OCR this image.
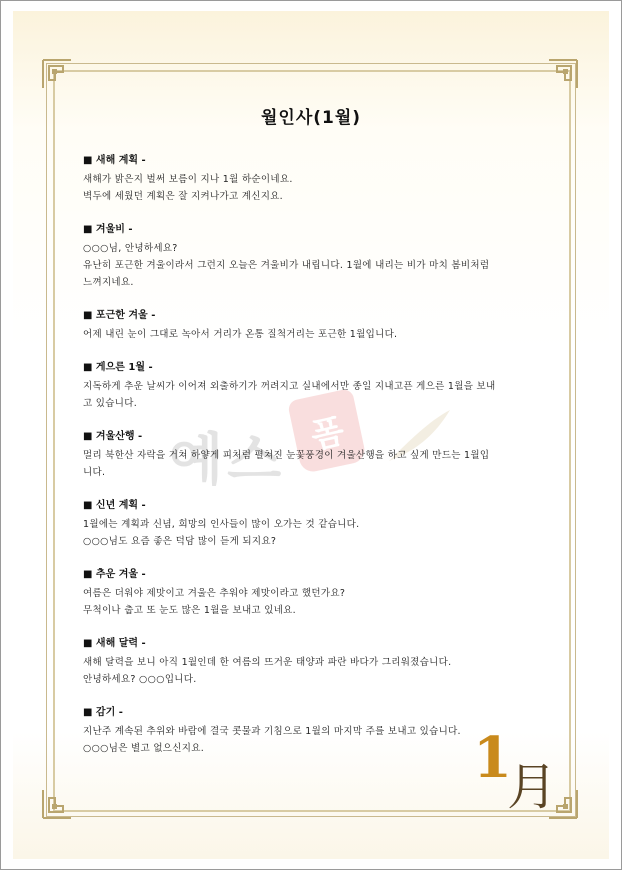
예스 폼
월인사(1월)
■ 새해 계획 -
새해가 밝은지 벌써 보름이 지나 1월 하순이네요.
벽두에 세웠던 계획은 잘 지켜나가고 계신지요.
■ 겨울비 -
○○○님, 안녕하세요?
유난히 포근한 겨울이라서 그런지 오늘은 겨울비가 내립니다. 1월에 내리는 비가 마치 봄비처럼
느껴지네요.
■ 포근한 겨울 -
어제 내린 눈이 그대로 녹아서 거리가 온통 질척거리는 포근한 1월입니다.
■ 게으른 1월 -
지독하게 추운 날씨가 이어져 외출하기가 꺼려지고 실내에서만 종일 지내고픈 게으른 1월을 보내
고 있습니다.
■ 겨울산행 -
멀리 북한산 자락을 거쳐 하얗게 피처럼 펼쳐진 눈꽃풍경이 겨울산행을 하고 싶게 만드는 1월입
니다.
■ 신년 계획 -
1월에는 계획과 신념, 희망의 인사들이 많이 오가는 것 같습니다.
○○○님도 요즘 좋은 덕담 많이 듣게 되지요?
■ 추운 겨울 -
여름은 더워야 제맛이고 겨울은 추워야 제맛이라고 했던가요?
무척이나 춥고 또 눈도 많은 1월을 보내고 있네요.
■ 새해 달력 -
새해 달력을 보니 아직 1월인데 한 여름의 뜨거운 태양과 파란 바다가 그리워졌습니다.
안녕하세요? ○○○입니다.
■ 감기 -
지난주 계속된 추위와 바람에 결국 콧물과 기침으로 1월의 마지막 주를 보내고 있습니다.
○○○님은 별고 없으신지요.	1
月
